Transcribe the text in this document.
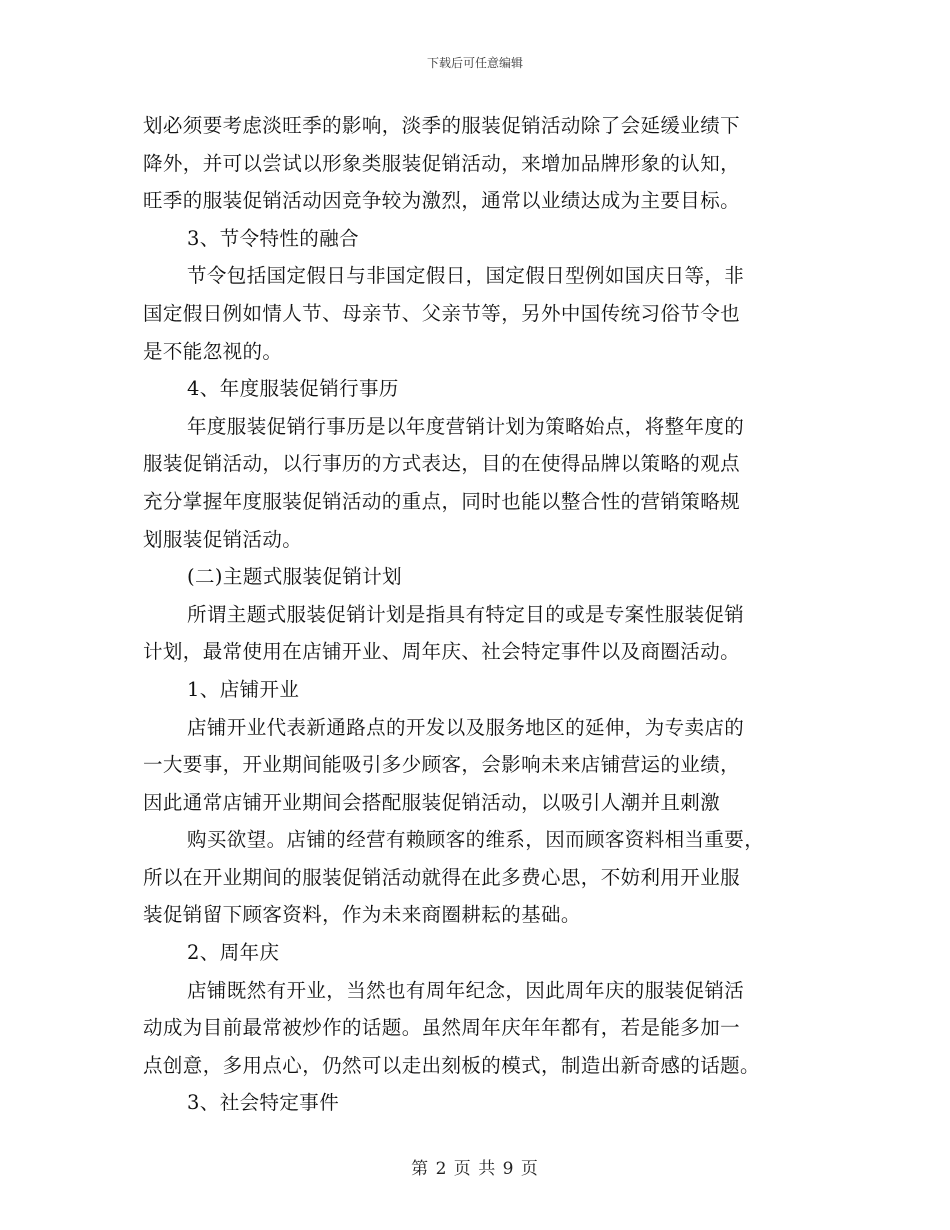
下载后可任意编辑
划必须要考虑淡旺季的影响，淡季的服装促销活动除了会延缓业绩下
降外，并可以尝试以形象类服装促销活动，来增加品牌形象的认知，
旺季的服装促销活动因竞争较为激烈，通常以业绩达成为主要目标。
3、节令特性的融合
节令包括国定假日与非国定假日，国定假日型例如国庆日等，非
国定假日例如情人节、母亲节、父亲节等，另外中国传统习俗节令也
是不能忽视的。
4、年度服装促销行事历
年度服装促销行事历是以年度营销计划为策略始点，将整年度的
服装促销活动，以行事历的方式表达，目的在使得品牌以策略的观点
充分掌握年度服装促销活动的重点，同时也能以整合性的营销策略规
划服装促销活动。
(二)主题式服装促销计划
所谓主题式服装促销计划是指具有特定目的或是专案性服装促销
计划，最常使用在店铺开业、周年庆、社会特定事件以及商圈活动。
1、店铺开业
店铺开业代表新通路点的开发以及服务地区的延伸，为专卖店的
一大要事，开业期间能吸引多少顾客，会影响未来店铺营运的业绩，
因此通常店铺开业期间会搭配服装促销活动，以吸引人潮并且刺激
购买欲望。店铺的经营有赖顾客的维系，因而顾客资料相当重要，
所以在开业期间的服装促销活动就得在此多费心思，不妨利用开业服
装促销留下顾客资料，作为未来商圈耕耘的基础。
2、周年庆
店铺既然有开业，当然也有周年纪念，因此周年庆的服装促销活
动成为目前最常被炒作的话题。虽然周年庆年年都有，若是能多加一
点创意，多用点心，仍然可以走出刻板的模式，制造出新奇感的话题。
3、社会特定事件
第 2 页 共 9 页
